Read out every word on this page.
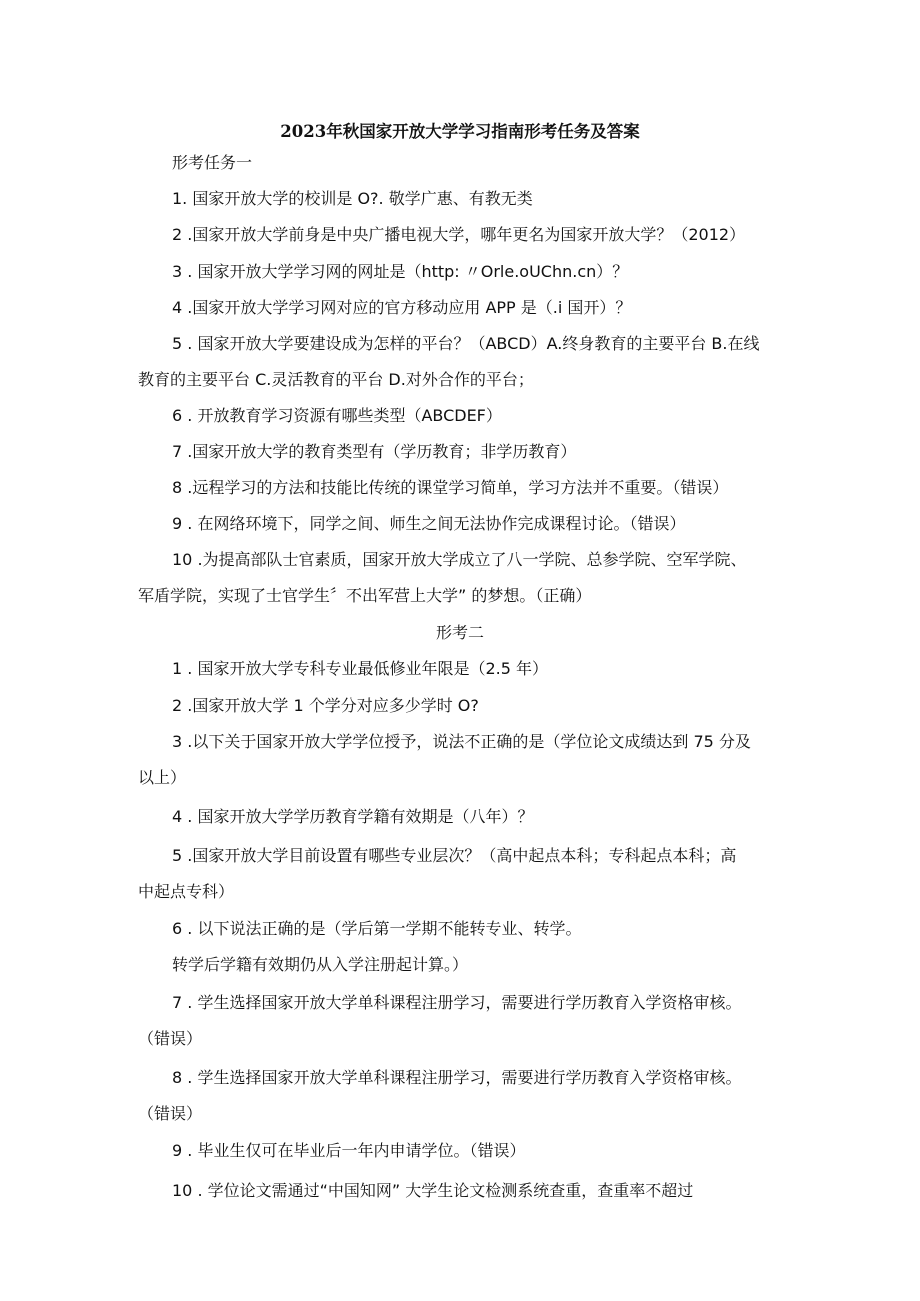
2023年秋国家开放大学学习指南形考任务及答案
形考任务一
1. 国家开放大学的校训是 O?. 敬学广惠、有教无类
2 .国家开放大学前身是中央广播电视大学，哪年更名为国家开放大学？（2012）
3 . 国家开放大学学习网的网址是（http: 〃Orle.oUChn.cn）？
4 .国家开放大学学习网对应的官方移动应用 APP 是（.i 国开）？
5 . 国家开放大学要建设成为怎样的平台？（ABCD）A.终身教育的主要平台 B.在线
教育的主要平台 C.灵活教育的平台 D.对外合作的平台；
6 . 开放教育学习资源有哪些类型（ABCDEF）
7 .国家开放大学的教育类型有（学历教育；非学历教育）
8 .远程学习的方法和技能比传统的课堂学习简单，学习方法并不重要。（错误）
9 . 在网络环境下，同学之间、师生之间无法协作完成课程讨论。（错误）
10 .为提高部队士官素质，国家开放大学成立了八一学院、总参学院、空军学院、
军盾学院，实现了士官学生〞不出军营上大学” 的梦想。（正确）
形考二
1 . 国家开放大学专科专业最低修业年限是（2.5 年）
2 .国家开放大学 1 个学分对应多少学时 O?
3 .以下关于国家开放大学学位授予，说法不正确的是（学位论文成绩达到 75 分及
以上）
4 . 国家开放大学学历教育学籍有效期是（八年）？
5 .国家开放大学目前设置有哪些专业层次？（高中起点本科；专科起点本科；高
中起点专科）
6 . 以下说法正确的是（学后第一学期不能转专业、转学。
转学后学籍有效期仍从入学注册起计算。）
7 . 学生选择国家开放大学单科课程注册学习，需要进行学历教育入学资格审核。
（错误）
8 . 学生选择国家开放大学单科课程注册学习，需要进行学历教育入学资格审核。
（错误）
9 . 毕业生仅可在毕业后一年内申请学位。（错误）
10 . 学位论文需通过“中国知网” 大学生论文检测系统查重，查重率不超过
